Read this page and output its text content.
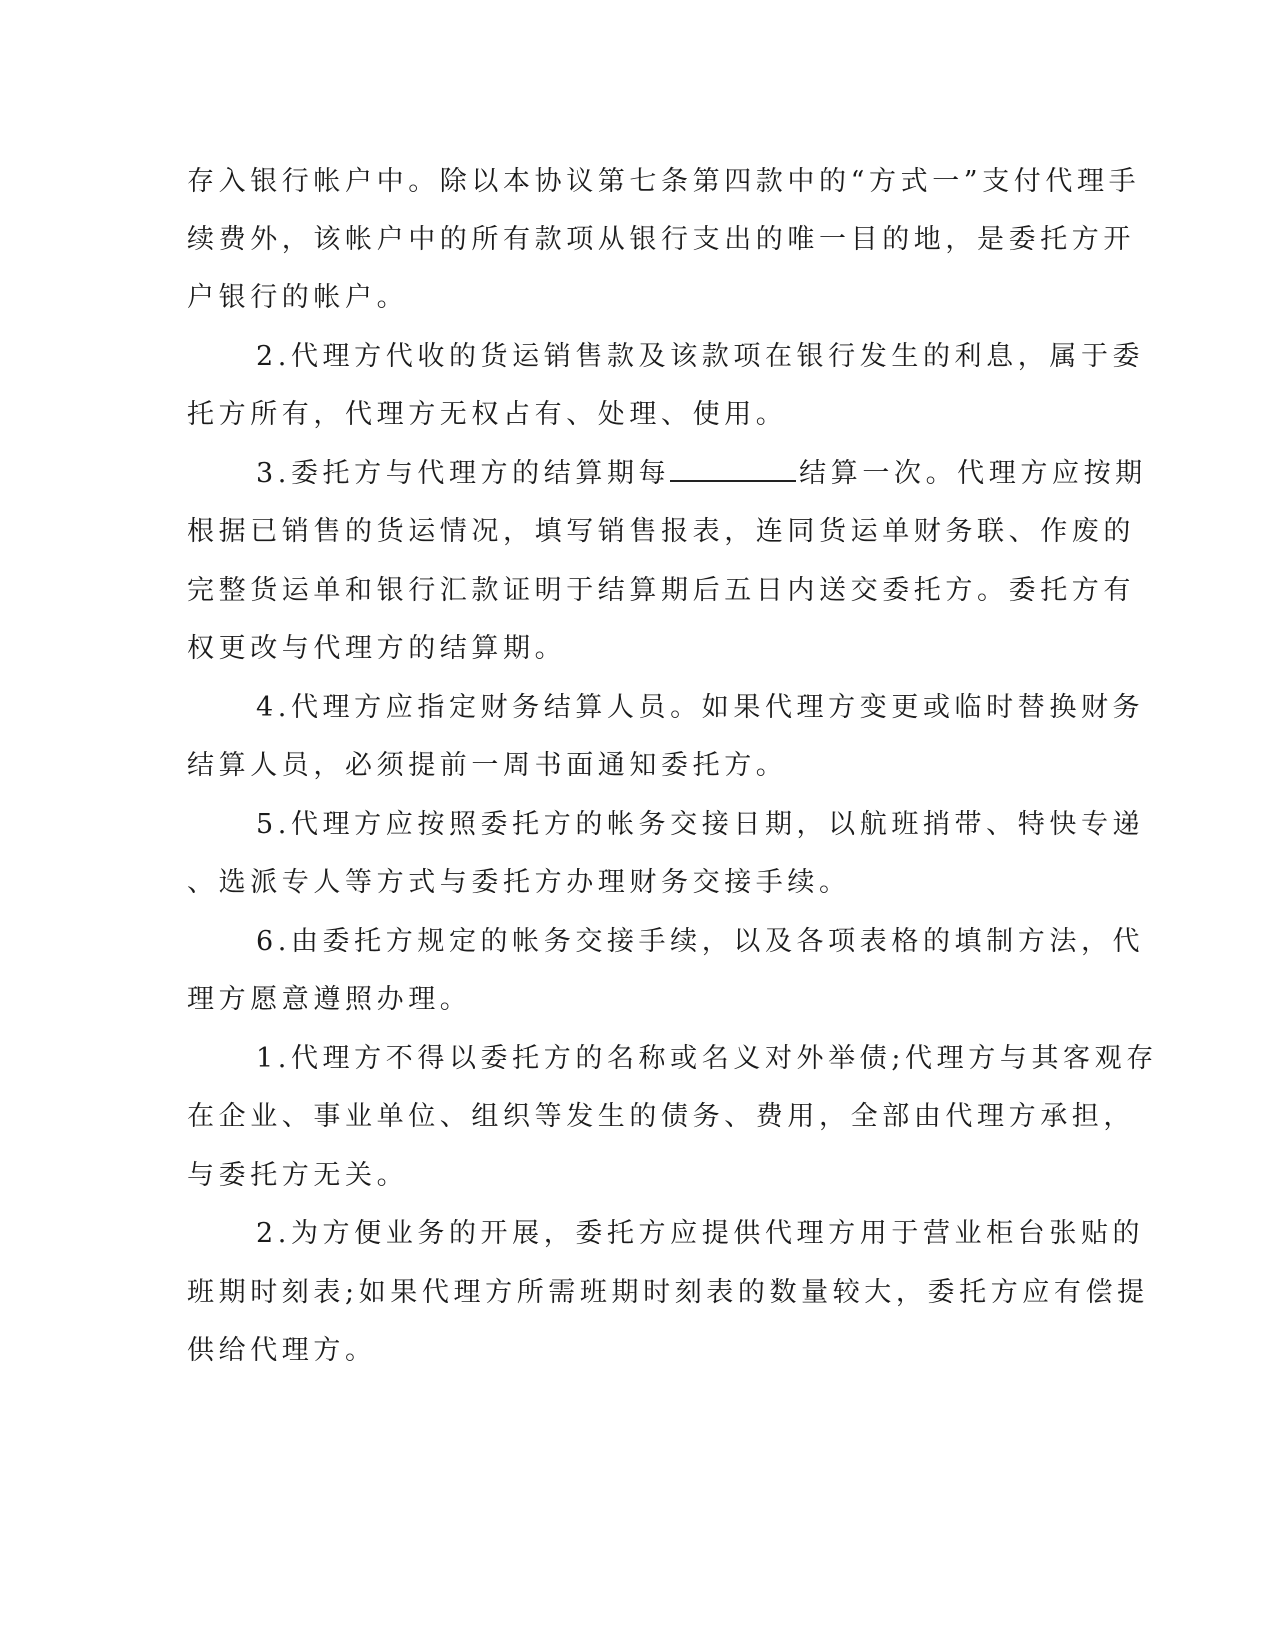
存入银行帐户中。除以本协议第七条第四款中的“方式一”支付代理手
续费外，该帐户中的所有款项从银行支出的唯一目的地，是委托方开
户银行的帐户。
2.代理方代收的货运销售款及该款项在银行发生的利息，属于委
托方所有，代理方无权占有、处理、使用。
3.委托方与代理方的结算期每	结算一次。代理方应按期
根据已销售的货运情况，填写销售报表，连同货运单财务联、作废的
完整货运单和银行汇款证明于结算期后五日内送交委托方。委托方有
权更改与代理方的结算期。
4.代理方应指定财务结算人员。如果代理方变更或临时替换财务
结算人员，必须提前一周书面通知委托方。
5.代理方应按照委托方的帐务交接日期，以航班捎带、特快专递
、选派专人等方式与委托方办理财务交接手续。
6.由委托方规定的帐务交接手续，以及各项表格的填制方法，代
理方愿意遵照办理。
1.代理方不得以委托方的名称或名义对外举债;代理方与其客观存
在企业、事业单位、组织等发生的债务、费用，全部由代理方承担，
与委托方无关。
2.为方便业务的开展，委托方应提供代理方用于营业柜台张贴的
班期时刻表;如果代理方所需班期时刻表的数量较大，委托方应有偿提
供给代理方。
